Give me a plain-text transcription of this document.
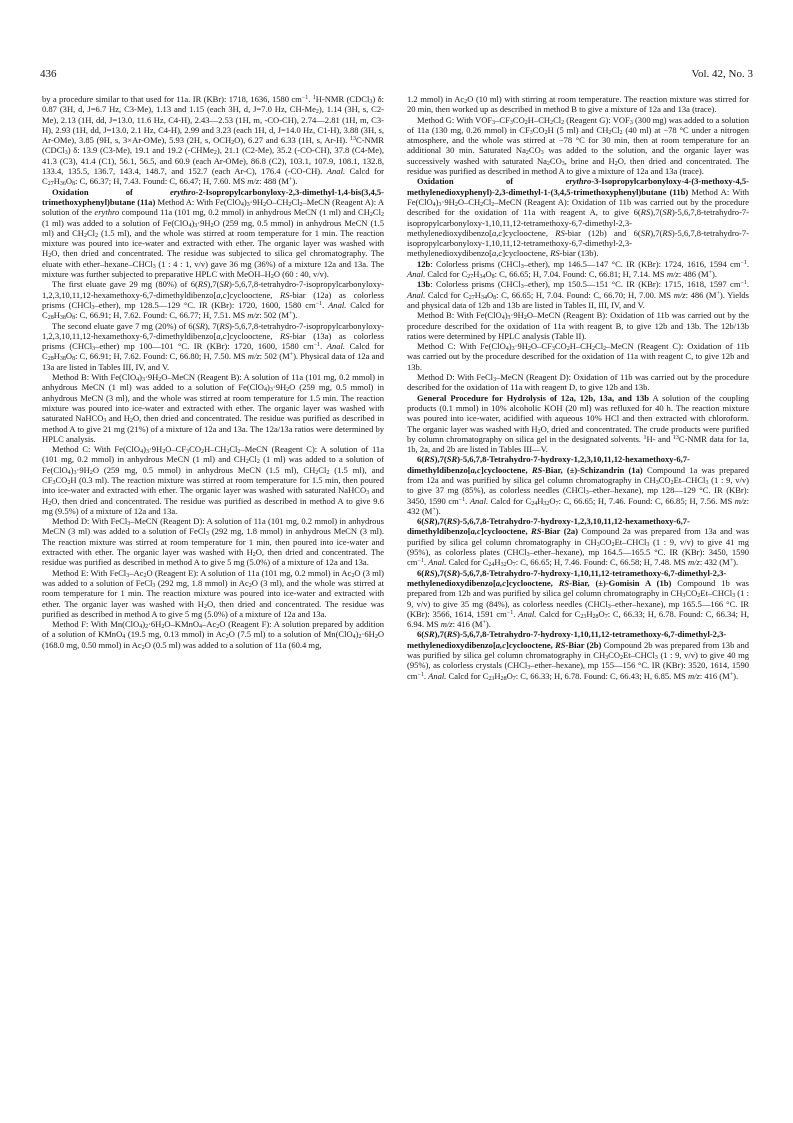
436	Vol. 42, No. 3

by a procedure similar to that used for 11a. IR (KBr): 1718, 1636, 1580 $cm^{-1}$. $^1$H-NMR (CDCl3) δ: 0.87 (3H, d, J=6.7 Hz, C3-Me), 1.13 and 1.15 (each 3H, d, J=7.0 Hz, CH-Me2), 1.14 (3H, s, C2-Me), 2.13 (1H, dd, J=13.0, 11.6 Hz, C4-H), 2.43—2.53 (1H, m, -CO-CH), 2.74—2.81 (1H, m, C3-H), 2.93 (1H, dd, J=13.0, 2.1 Hz, C4-H), 2.99 and 3.23 (each 1H, d, J=14.0 Hz, C1-H), 3.88 (3H, s, Ar-OMe), 3.85 (9H, s, 3×Ar-OMe), 5.93 (2H, s, OCH2O), 6.27 and 6.33 (1H, s, Ar-H). $^{13}$C-NMR (CDCl3) δ: 13.9 (C3-Me), 19.1 and 19.2 (-CHMe2), 21.1 (C2-Me), 35.2 (-CO-CH), 37.8 (C4-Me), 41.3 (C3), 41.4 (C1), 56.1, 56.5, and 60.9 (each Ar-OMe), 86.8 (C2), 103.1, 107.9, 108.1, 132.8, 133.4, 135.5, 136.7, 143.4, 148.7, and 152.7 (each Ar-C), 176.4 (-CO-CH). Anal. Calcd for C27H36O8: C, 66.37; H, 7.43. Found: C, 66.47; H, 7.60. MS m/z: 488 (M+).

Oxidation of erythro-2-Isopropylcarbonyloxy-2,3-dimethyl-1,4-bis(3,4,5-trimethoxyphenyl)butane (11a) Method A: With Fe(ClO4)3·9H2O–CH2Cl2–MeCN (Reagent A): A solution of the erythro compound 11a (101 mg, 0.2 mmol) in anhydrous MeCN (1 ml) and CH2Cl2 (1 ml) was added to a solution of Fe(ClO4)3·9H2O (259 mg, 0.5 mmol) in anhydrous MeCN (1.5 ml) and CH2Cl2 (1.5 ml), and the whole was stirred at room temperature for 1 min. The reaction mixture was poured into ice-water and extracted with ether. The organic layer was washed with H2O, then dried and concentrated. The residue was subjected to silica gel chromatography. The eluate with ether–hexane–CHCl3 (1 : 4 : 1, v/v) gave 36 mg (36%) of a mixture 12a and 13a. The mixture was further subjected to preparative HPLC with MeOH–H2O (60 : 40, v/v).

The first eluate gave 29 mg (80%) of 6(RS),7(SR)-5,6,7,8-tetrahydro-7-isopropylcarbonyloxy-1,2,3,10,11,12-hexamethoxy-6,7-dimethyldibenzo[a,c]cyclooctene, RS-biar (12a) as colorless prisms (CHCl3–ether), mp 128.5—129 °C. IR (KBr): 1720, 1600, 1580 $cm^{-1}$. Anal. Calcd for C28H38O8: C, 66.91; H, 7.62. Found: C, 66.77; H, 7.51. MS m/z: 502 (M+).

The second eluate gave 7 mg (20%) of 6(SR), 7(RS)-5,6,7,8-tetrahydro-7-isopropylcarbonyloxy-1,2,3,10,11,12-hexamethoxy-6,7-dimethyldibenzo[a,c]cyclooctene, RS-biar (13a) as colorless prisms (CHCl3–ether) mp 100—101 °C. IR (KBr): 1720, 1600, 1580 $cm^{-1}$. Anal. Calcd for C28H38O8: C, 66.91; H, 7.62. Found: C, 66.80; H, 7.50. MS m/z: 502 (M+). Physical data of 12a and 13a are listed in Tables III, IV, and V.

Method B: With Fe(ClO4)3·9H2O–MeCN (Reagent B): A solution of 11a (101 mg, 0.2 mmol) in anhydrous MeCN (1 ml) was added to a solution of Fe(ClO4)3·9H2O (259 mg, 0.5 mmol) in anhydrous MeCN (3 ml), and the whole was stirred at room temperature for 1.5 min. The reaction mixture was poured into ice-water and extracted with ether. The organic layer was washed with saturated NaHCO3 and H2O, then dried and concentrated. The residue was purified as described in method A to give 21 mg (21%) of a mixture of 12a and 13a. The 12a/13a ratios were determined by HPLC analysis.

Method C: With Fe(ClO4)3·9H2O–CF3CO2H–CH2Cl2–MeCN (Reagent C): A solution of 11a (101 mg, 0.2 mmol) in anhydrous MeCN (1 ml) and CH2Cl2 (1 ml) was added to a solution of Fe(ClO4)3·9H2O (259 mg, 0.5 mmol) in anhydrous MeCN (1.5 ml), CH2Cl2 (1.5 ml), and CF3CO2H (0.3 ml). The reaction mixture was stirred at room temperature for 1.5 min, then poured into ice-water and extracted with ether. The organic layer was washed with saturated NaHCO3 and H2O, then dried and concentrated. The residue was purified as described in method A to give 9.6 mg (9.5%) of a mixture of 12a and 13a.

Method D: With FeCl3–MeCN (Reagent D): A solution of 11a (101 mg, 0.2 mmol) in anhydrous MeCN (3 ml) was added to a solution of FeCl3 (292 mg, 1.8 mmol) in anhydrous MeCN (3 ml). The reaction mixture was stirred at room temperature for 1 min, then poured into ice-water and extracted with ether. The organic layer was washed with H2O, then dried and concentrated. The residue was purified as described in method A to give 5 mg (5.0%) of a mixture of 12a and 13a.

Method E: With FeCl3–Ac2O (Reagent E): A solution of 11a (101 mg, 0.2 mmol) in Ac2O (3 ml) was added to a solution of FeCl3 (292 mg, 1.8 mmol) in Ac2O (3 ml), and the whole was stirred at room temperature for 1 min. The reaction mixture was poured into ice-water and extracted with ether. The organic layer was washed with H2O, then dried and concentrated. The residue was purified as described in method A to give 5 mg (5.0%) of a mixture of 12a and 13a.

Method F: With Mn(ClO4)2·6H2O–KMnO4–Ac2O (Reagent F): A solution prepared by addition of a solution of KMnO4 (19.5 mg, 0.13 mmol) in Ac2O (7.5 ml) to a solution of Mn(ClO4)2·6H2O (168.0 mg, 0.50 mmol) in Ac2O (0.5 ml) was added to a solution of 11a (60.4 mg,

1.2 mmol) in Ac2O (10 ml) with stirring at room temperature. The reaction mixture was stirred for 20 min, then worked up as described in method B to give a mixture of 12a and 13a (trace).

Method G: With VOF3–CF3CO2H–CH2Cl2 (Reagent G): VOF3 (300 mg) was added to a solution of 11a (130 mg, 0.26 mmol) in CF3CO2H (5 ml) and CH2Cl2 (40 ml) at −78 °C under a nitrogen atmosphere, and the whole was stirred at −78 °C for 30 min, then at room temperature for an additional 30 min. Saturated Na2CO3 was added to the solution, and the organic layer was successively washed with saturated Na2CO3, brine and H2O, then dried and concentrated. The residue was purified as described in method A to give a mixture of 12a and 13a (trace).

Oxidation of erythro-3-Isopropylcarbonyloxy-4-(3-methoxy-4,5-methylenedioxyphenyl)-2,3-dimethyl-1-(3,4,5-trimethoxyphenyl)butane (11b) Method A: With Fe(ClO4)3·9H2O–CH2Cl2–MeCN (Reagent A): Oxidation of 11b was carried out by the procedure described for the oxidation of 11a with reagent A, to give 6(RS),7(SR)-5,6,7,8-tetrahydro-7-isopropylcarbonyloxy-1,10,11,12-tetramethoxy-6,7-dimethyl-2,3-methylenedioxydibenzo[a,c]cyclooctene, RS-biar (12b) and 6(SR),7(RS)-5,6,7,8-tetrahydro-7-isopropylcarbonyloxy-1,10,11,12-tetramethoxy-6,7-dimethyl-2,3-methylenedioxydibenzo[a,c]cyclooctene, RS-biar (13b).

12b: Colorless prisms (CHCl3–ether), mp 146.5—147 °C. IR (KBr): 1724, 1616, 1594 $cm^{-1}$. Anal. Calcd for C27H34O8: C, 66.65; H, 7.04. Found: C, 66.81; H, 7.14. MS m/z: 486 (M+).

13b: Colorless prisms (CHCl3–ether), mp 150.5—151 °C. IR (KBr): 1715, 1618, 1597 $cm^{-1}$. Anal. Calcd for C27H34O8: C, 66.65; H, 7.04. Found: C, 66.70; H, 7.00. MS m/z: 486 (M+). Yields and physical data of 12b and 13b are listed in Tables II, III, IV, and V.

Method B: With Fe(ClO4)3·9H2O–MeCN (Reagent B): Oxidation of 11b was carried out by the procedure described for the oxidation of 11a with reagent B, to give 12b and 13b. The 12b/13b ratios were determined by HPLC analysis (Table II).

Method C: With Fe(ClO4)3·9H2O–CF3CO2H–CH2Cl2–MeCN (Reagent C): Oxidation of 11b was carried out by the procedure described for the oxidation of 11a with reagent C, to give 12b and 13b.

Method D: With FeCl3–MeCN (Reagent D): Oxidation of 11b was carried out by the procedure described for the oxidation of 11a with reagent D, to give 12b and 13b.

General Procedure for Hydrolysis of 12a, 12b, 13a, and 13b A solution of the coupling products (0.1 mmol) in 10% alcoholic KOH (20 ml) was refluxed for 40 h. The reaction mixture was poured into ice-water, acidified with aqueous 10% HCl and then extracted with chloroform. The organic layer was washed with H2O, dried and concentrated. The crude products were purified by column chromatography on silica gel in the designated solvents. $^1$H- and $^{13}$C-NMR data for 1a, 1b, 2a, and 2b are listed in Tables III—V.

6(RS),7(SR)-5,6,7,8-Tetrahydro-7-hydroxy-1,2,3,10,11,12-hexamethoxy-6,7-dimethyldibenzo[a,c]cyclooctene, RS-Biar, (±)-Schizandrin (1a) Compound 1a was prepared from 12a and was purified by silica gel column chromatography in CH3CO2Et–CHCl3 (1 : 9, v/v) to give 37 mg (85%), as colorless needles (CHCl3–ether–hexane), mp 128—129 °C. IR (KBr): 3450, 1590 $cm^{-1}$. Anal. Calcd for C24H32O7: C, 66.65; H, 7.46. Found: C, 66.85; H, 7.56. MS m/z: 432 (M+).

6(SR),7(RS)-5,6,7,8-Tetrahydro-7-hydroxy-1,2,3,10,11,12-hexamethoxy-6,7-dimethyldibenzo[a,c]cyclooctene, RS-Biar (2a) Compound 2a was prepared from 13a and was purified by silica gel column chromatography in CH3CO2Et–CHCl3 (1 : 9, v/v) to give 41 mg (95%), as colorless plates (CHCl3–ether–hexane), mp 164.5—165.5 °C. IR (KBr): 3450, 1590 $cm^{-1}$. Anal. Calcd for C24H32O7: C, 66.65; H, 7.46. Found: C, 66.58; H, 7.48. MS m/z: 432 (M+).

6(RS),7(SR)-5,6,7,8-Tetrahydro-7-hydroxy-1,10,11,12-tetramethoxy-6,7-dimethyl-2,3-methylenedioxydibenzo[a,c]cyclooctene, RS-Biar, (±)-Gomisin A (1b) Compound 1b was prepared from 12b and was purified by silica gel column chromatography in CH3CO2Et–CHCl3 (1 : 9, v/v) to give 35 mg (84%), as colorless needles (CHCl3–ether–hexane), mp 165.5—166 °C. IR (KBr): 3566, 1614, 1591 $cm^{-1}$. Anal. Calcd for C23H28O7: C, 66.33; H, 6.78. Found: C, 66.34; H, 6.94. MS m/z: 416 (M+).

6(SR),7(RS)-5,6,7,8-Tetrahydro-7-hydroxy-1,10,11,12-tetramethoxy-6,7-dimethyl-2,3-methylenedioxydibenzo[a,c]cyclooctene, RS-Biar (2b) Compound 2b was prepared from 13b and was purified by silica gel column chromatography in CH3CO2Et–CHCl3 (1 : 9, v/v) to give 40 mg (95%), as colorless crystals (CHCl3–ether–hexane), mp 155—156 °C. IR (KBr): 3520, 1614, 1590 $cm^{-1}$. Anal. Calcd for C23H28O7: C, 66.33; H, 6.78. Found: C, 66.43; H, 6.85. MS m/z: 416 (M+).
